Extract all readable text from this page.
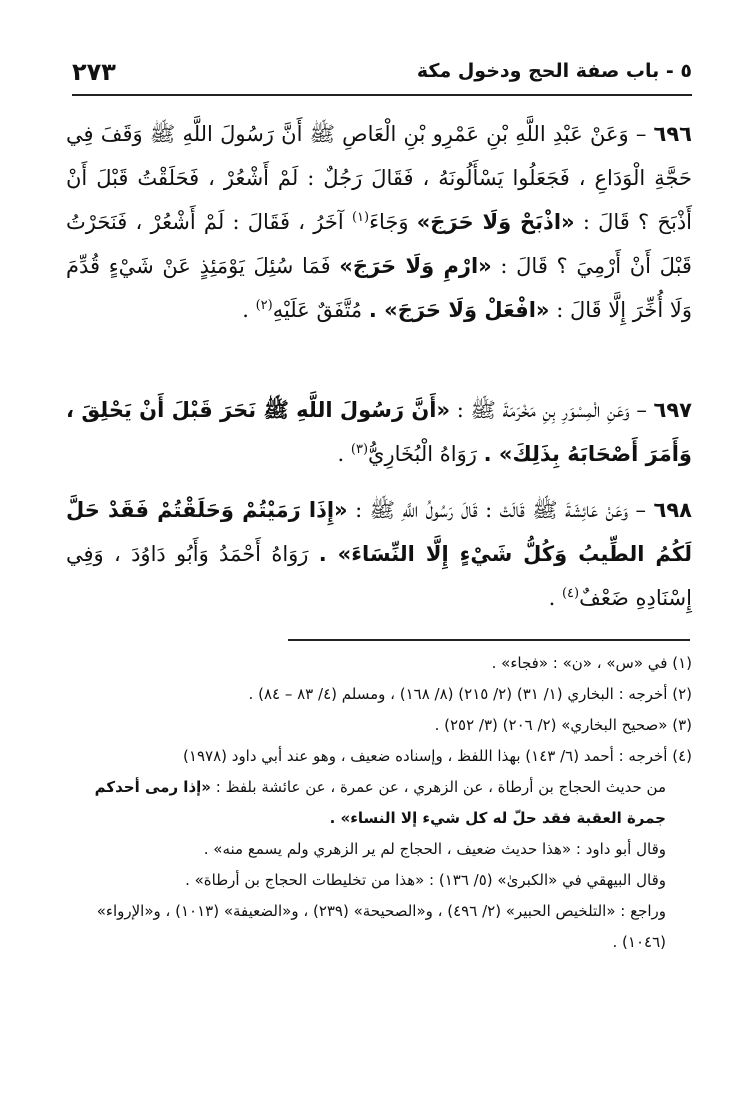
٥ - باب صفة الحج ودخول مكة
٢٧٣
٦٩٦ – وَعَنْ عَبْدِ اللَّهِ بْنِ عَمْرِو بْنِ الْعَاصِ ﷺ أَنَّ رَسُولَ اللَّهِ ﷺ وَقَفَ فِي حَجَّةِ الْوَدَاعِ ، فَجَعَلُوا يَسْأَلُونَهُ ، فَقَالَ رَجُلٌ : لَمْ أَشْعُرْ ، فَحَلَقْتُ قَبْلَ أَنْ أَذْبَحَ ؟ قَالَ : «اذْبَحْ وَلَا حَرَجَ» وَجَاءَ$^{(١)}$ آخَرُ ، فَقَالَ : لَمْ أَشْعُرْ ، فَنَحَرْتُ قَبْلَ أَنْ أَرْمِيَ ؟ قَالَ : «ارْمِ وَلَا حَرَجَ» فَمَا سُئِلَ يَوْمَئِذٍ عَنْ شَيْءٍ قُدِّمَ وَلَا أُخِّرَ إِلَّا قَالَ : «افْعَلْ وَلَا حَرَجَ» . مُتَّفَقٌ عَلَيْهِ$^{(٢)}$ .
٦٩٧ – وَعَنِ الْمِسْوَرِ بِنِ مَخْرَمَةَ ﷺ : «أَنَّ رَسُولَ اللَّهِ ﷺ نَحَرَ قَبْلَ أَنْ يَحْلِقَ ، وَأَمَرَ أَصْحَابَهُ بِذَلِكَ» . رَوَاهُ الْبُخَارِيُّ$^{(٣)}$ .
٦٩٨ – وَعَنْ عَائِشَةَ ﷺ قَالَتْ : قَالَ رَسُولُ اللَّهِ ﷺ : «إِذَا رَمَيْتُمْ وَحَلَقْتُمْ فَقَدْ حَلَّ لَكُمُ الطِّيبُ وَكُلُّ شَيْءٍ إِلَّا النِّسَاءَ» . رَوَاهُ أَحْمَدُ وَأَبُو دَاوُدَ ، وَفِي إِسْنَادِهِ ضَعْفٌ$^{(٤)}$ .
(١) في «س» ، «ن» : «فجاء» .
(٢) أخرجه : البخاري (١/ ٣١) (٢/ ٢١٥) (٨/ ١٦٨) ، ومسلم (٤/ ٨٣ – ٨٤) .
(٣) «صحيح البخاري» (٢/ ٢٠٦) (٣/ ٢٥٢) .
(٤) أخرجه : أحمد (٦/ ١٤٣) بهذا اللفظ ، وإسناده ضعيف ، وهو عند أبي داود (١٩٧٨)
من حديث الحجاج بن أرطاة ، عن الزهري ، عن عمرة ، عن عائشة بلفظ : «إذا رمى أحدكم جمرة العقبة فقد حلّ له كل شيء إلا النساء» .
وقال أبو داود : «هذا حديث ضعيف ، الحجاج لم ير الزهري ولم يسمع منه» .
وقال البيهقي في «الكبرىٰ» (٥/ ١٣٦) : «هذا من تخليطات الحجاج بن أرطاة» .
وراجع : «التلخيص الحبير» (٢/ ٤٩٦) ، و«الصحيحة» (٢٣٩) ، و«الضعيفة» (١٠١٣) ، و«الإرواء» (١٠٤٦) .
